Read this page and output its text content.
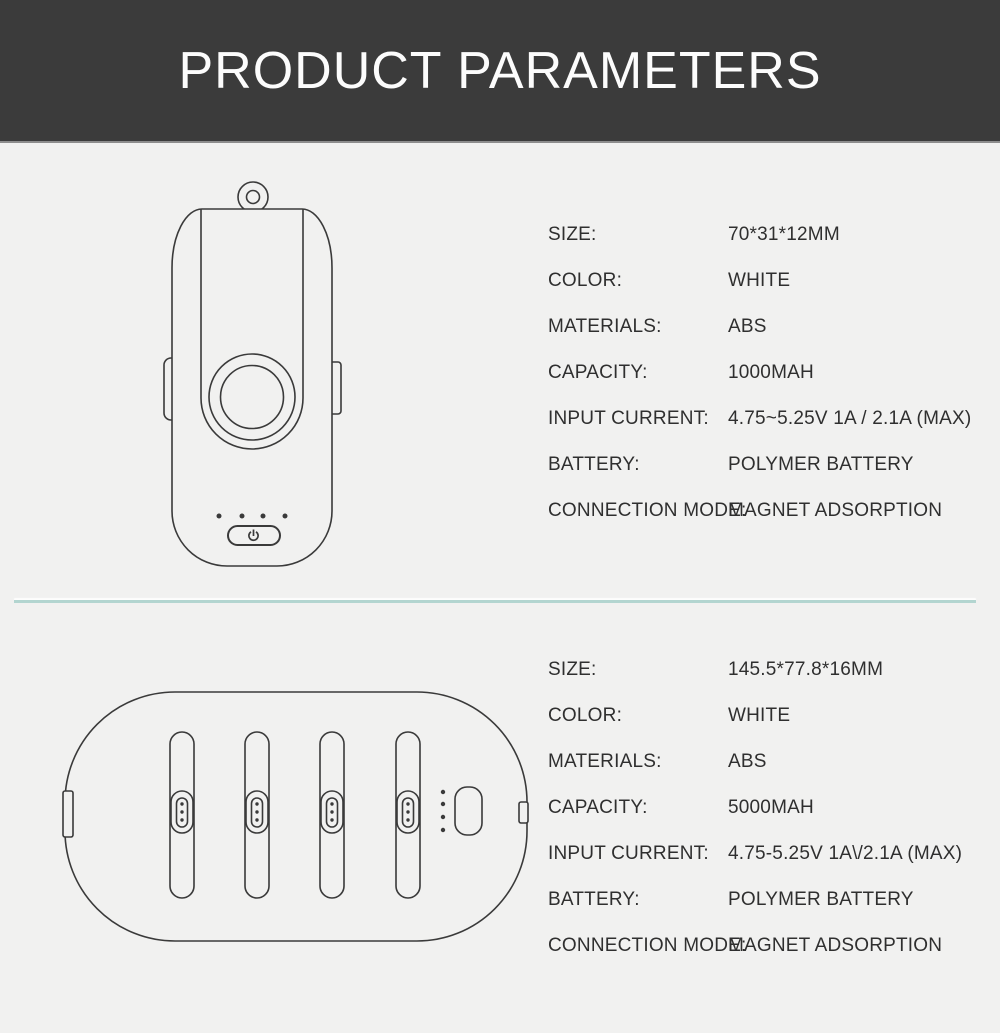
PRODUCT PARAMETERS
SIZE:	70*31*12MM
COLOR:	WHITE
MATERIALS:	ABS
CAPACITY:	1000MAH
INPUT CURRENT:	4.75~5.25V 1A / 2.1A (MAX)
BATTERY:	POLYMER BATTERY
CONNECTION MODE:
MAGNET ADSORPTION
SIZE:	145.5*77.8*16MM
COLOR:	WHITE
MATERIALS:	ABS
CAPACITY:	5000MAH
INPUT CURRENT:	4.75-5.25V 1A\/2.1A (MAX)
BATTERY:	POLYMER BATTERY
CONNECTION MODE:
MAGNET ADSORPTION
